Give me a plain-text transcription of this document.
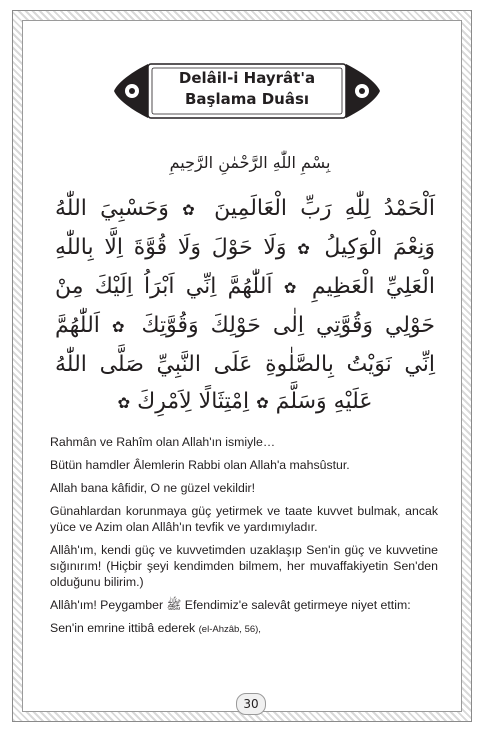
Delâil-i Hayrât'a
Başlama Duâsı
بِسْمِ اللّٰهِ الرَّحْمٰنِ الرَّحِيمِ
اَلْحَمْدُ لِلّٰهِ رَبِّ الْعَالَمِينَ ✿ وَحَسْبِيَ اللّٰهُ وَنِعْمَ الْوَكِيلُ ✿ وَلَا حَوْلَ وَلَا قُوَّةَ اِلَّا بِاللّٰهِ الْعَلِيِّ الْعَظِيمِ ✿ اَللّٰهُمَّ اِنِّي اَبْرَاُ اِلَيْكَ مِنْ حَوْلِي وَقُوَّتِي اِلٰى حَوْلِكَ وَقُوَّتِكَ ✿ اَللّٰهُمَّ اِنِّي نَوَيْتُ بِالصَّلٰوةِ عَلَى النَّبِيِّ صَلَّى اللّٰهُ عَلَيْهِ وَسَلَّمَ ✿ اِمْتِثَالًا لِاَمْرِكَ ✿

Rahmân ve Rahîm olan Allah'ın ismiyle…

Bütün hamdler Âlemlerin Rabbi olan Allah'a mahsûstur.

Allah bana kâfidir, O ne güzel vekildir!

Günahlardan korunmaya güç yetirmek ve taate kuvvet bulmak, ancak yüce ve Azim olan Allâh'ın tevfik ve yardımıyladır.

Allâh'ım, kendi güç ve kuvvetimden uzaklaşıp Sen'in güç ve kuvvetine sığınırım! (Hiçbir şeyi kendimden bilmem, her muvaffakiyetin Sen'den olduğunu bilirim.)

Allâh'ım! Peygamber ﷺ Efendimiz'e salevât getirmeye niyet ettim:

Sen'in emrine ittibâ ederek (el-Ahzâb, 56),

30
